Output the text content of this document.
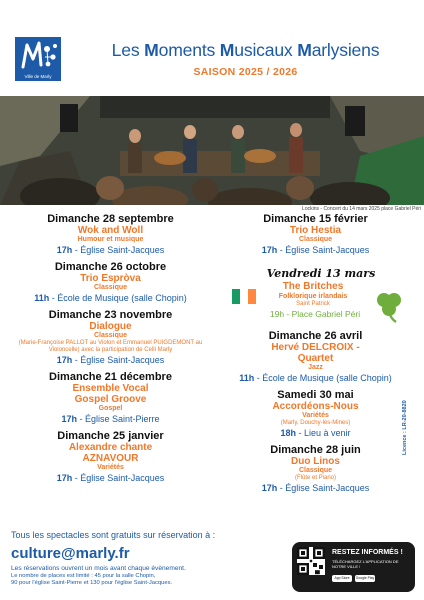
Ville de Marly
Les Moments Musicaux Marlysiens
SAISON 2025 / 2026
Lockins - Concert du 14 mars 2025 place Gabriel Péri
Dimanche 28 septembre
Wok and Woll
Humour et musique
17h - Église Saint-Jacques
Dimanche 26 octobre
Trio Espròva
Classique
11h - École de Musique (salle Chopin)
Dimanche 23 novembre
Dialogue
Classique
(Marie-Françoise PALLOT au Violon et Emmanuel PUIGDEMONT au Violoncelle) avec la participation de Celli Marly
17h - Église Saint-Jacques
Dimanche 21 décembre
Ensemble Vocal
Gospel Groove
Gospel
17h - Église Saint-Pierre
Dimanche 25 janvier
Alexandre chante
AZNAVOUR
Variétés
17h - Église Saint-Jacques
Dimanche 15 février
Trio Hestia
Classique
17h - Église Saint-Jacques
Vendredi 13 mars
The Britches
Folklorique irlandais
Saint Patrick
19h - Place Gabriel Péri
Dimanche 26 avril
Hervé DELCROIX -
Quartet
Jazz
11h - École de Musique (salle Chopin)
Samedi 30 mai
Accordéons-Nous
Variétés
(Marly, Douchy-les-Mines)
18h - Lieu à venir
Dimanche 28 juin
Duo Linos
Classique
(Flûte et Piano)
17h - Église Saint-Jacques
Licence : LR-20-8820
Tous les spectacles sont gratuits sur réservation à :
culture@marly.fr
Les réservations ouvrent un mois avant chaque évènement.
Le nombre de places est limité : 45 pour la salle Chopin,
90 pour l'église Saint-Pierre et 130 pour l'église Saint-Jacques.
RESTEZ INFORMÉS !
TÉLÉCHARGEZ L'APPLICATION DE NOTRE VILLE !
App Store	Google Play
